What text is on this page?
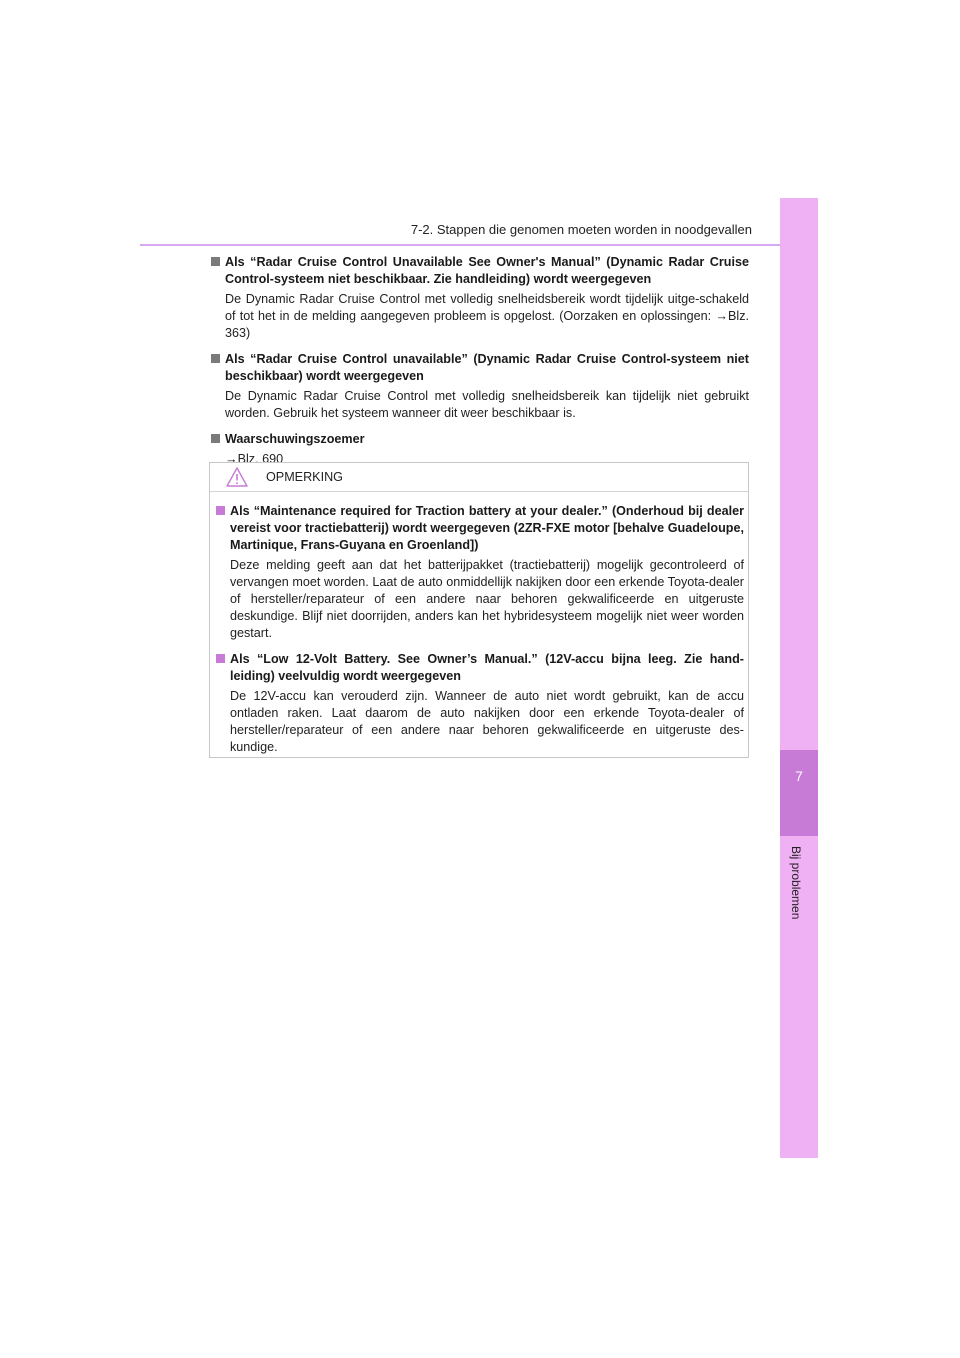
7-2. Stappen die genomen moeten worden in noodgevallen
7
Bij problemen
Als “Radar Cruise Control Unavailable See Owner's Manual” (Dynamic Radar Cruise Control-systeem niet beschikbaar. Zie handleiding) wordt weergegeven
De Dynamic Radar Cruise Control met volledig snelheidsbereik wordt tijdelijk uitge-schakeld of tot het in de melding aangegeven probleem is opgelost. (Oorzaken en oplossingen: →Blz. 363)
Als “Radar Cruise Control unavailable” (Dynamic Radar Cruise Control-systeem niet beschikbaar) wordt weergegeven
De Dynamic Radar Cruise Control met volledig snelheidsbereik kan tijdelijk niet gebruikt worden. Gebruik het systeem wanneer dit weer beschikbaar is.
Waarschuwingszoemer
→Blz. 690
OPMERKING
Als “Maintenance required for Traction battery at your dealer.” (Onderhoud bij dealer vereist voor tractiebatterij) wordt weergegeven (2ZR-FXE motor [behalve Guadeloupe, Martinique, Frans-Guyana en Groenland])
Deze melding geeft aan dat het batterijpakket (tractiebatterij) mogelijk gecontroleerd of vervangen moet worden. Laat de auto onmiddellijk nakijken door een erkende Toyota-dealer of hersteller/reparateur of een andere naar behoren gekwalificeerde en uitgeruste deskundige. Blijf niet doorrijden, anders kan het hybridesysteem mogelijk niet weer worden gestart.
Als “Low 12-Volt Battery. See Owner’s Manual.” (12V-accu bijna leeg. Zie hand-leiding) veelvuldig wordt weergegeven
De 12V-accu kan verouderd zijn. Wanneer de auto niet wordt gebruikt, kan de accu ontladen raken. Laat daarom de auto nakijken door een erkende Toyota-dealer of hersteller/reparateur of een andere naar behoren gekwalificeerde en uitgeruste des-kundige.
